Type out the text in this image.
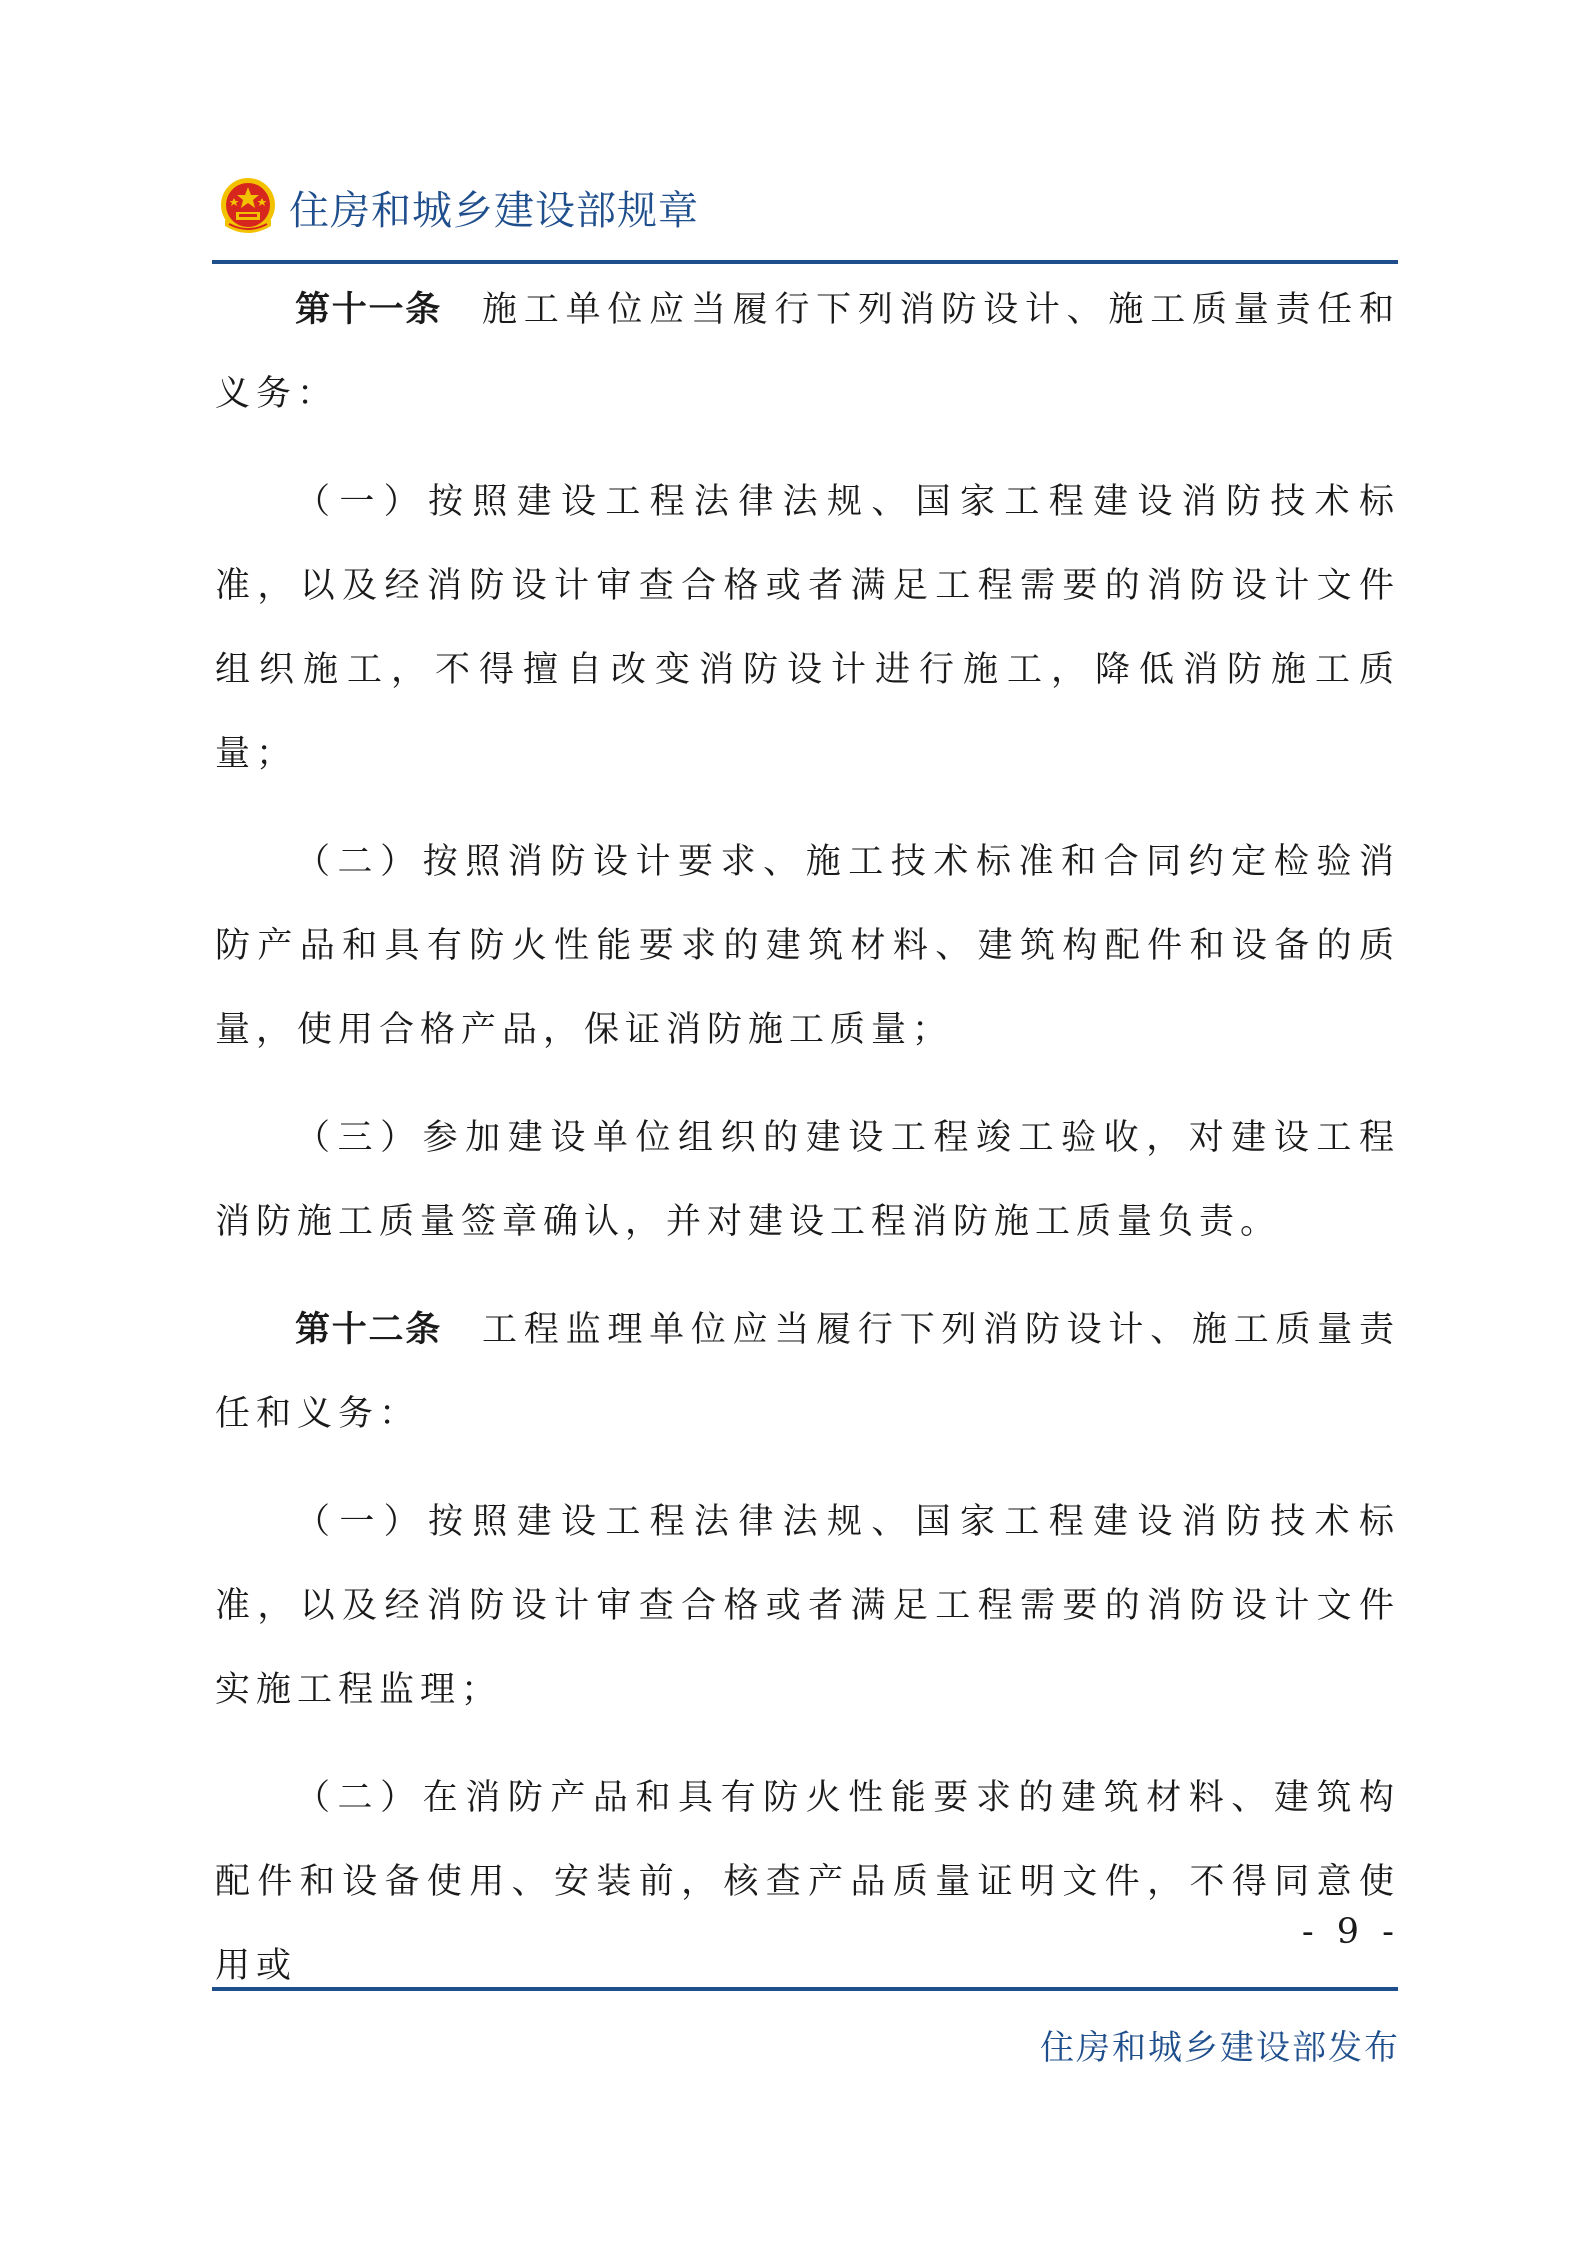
住房和城乡建设部规章

第十一条 施工单位应当履行下列消防设计、施工质量责任和义务：

（一）按照建设工程法律法规、国家工程建设消防技术标准，以及经消防设计审查合格或者满足工程需要的消防设计文件组织施工，不得擅自改变消防设计进行施工，降低消防施工质量；

（二）按照消防设计要求、施工技术标准和合同约定检验消防产品和具有防火性能要求的建筑材料、建筑构配件和设备的质量，使用合格产品，保证消防施工质量；

（三）参加建设单位组织的建设工程竣工验收，对建设工程消防施工质量签章确认，并对建设工程消防施工质量负责。

第十二条 工程监理单位应当履行下列消防设计、施工质量责任和义务：

（一）按照建设工程法律法规、国家工程建设消防技术标准，以及经消防设计审查合格或者满足工程需要的消防设计文件实施工程监理；

（二）在消防产品和具有防火性能要求的建筑材料、建筑构配件和设备使用、安装前，核查产品质量证明文件，不得同意使用或

- 9 -
住房和城乡建设部发布
